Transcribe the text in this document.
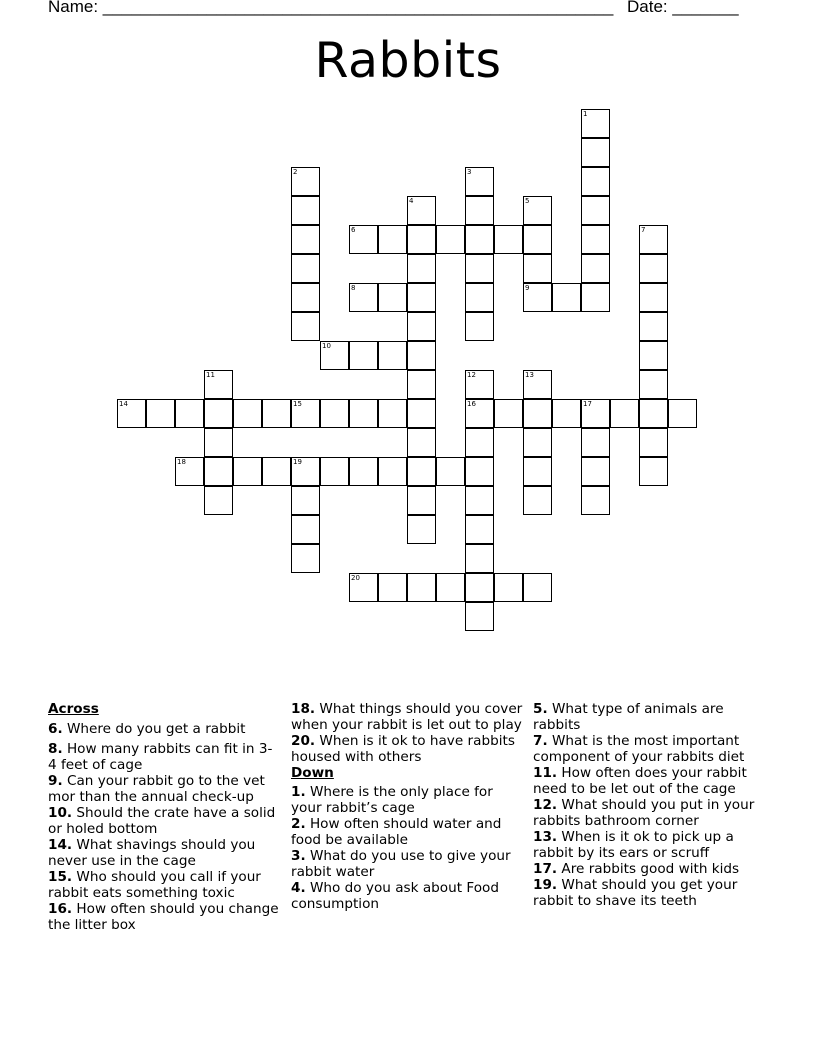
Name: ______________________________________________________ Date: _______
Rabbits
6
8	9
10
14	15	16	17
18	19
20
1
2	3
4	5
7
11	12	13
Across

6. Where do you get a rabbit

8. How many rabbits can fit in 3-4 feet of cage

9. Can your rabbit go to the vet mor than the annual check-up

10. Should the crate have a solid or holed bottom

14. What shavings should you never use in the cage

15. Who should you call if your rabbit eats something toxic

16. How often should you change the litter box

18. What things should you cover when your rabbit is let out to play

20. When is it ok to have rabbits housed with others

Down

1. Where is the only place for your rabbit’s cage

2. How often should water and food be available

3. What do you use to give your rabbit water

4. Who do you ask about Food consumption

5. What type of animals are rabbits

7. What is the most important component of your rabbits diet

11. How often does your rabbit need to be let out of the cage

12. What should you put in your rabbits bathroom corner

13. When is it ok to pick up a rabbit by its ears or scruff

17. Are rabbits good with kids

19. What should you get your rabbit to shave its teeth
